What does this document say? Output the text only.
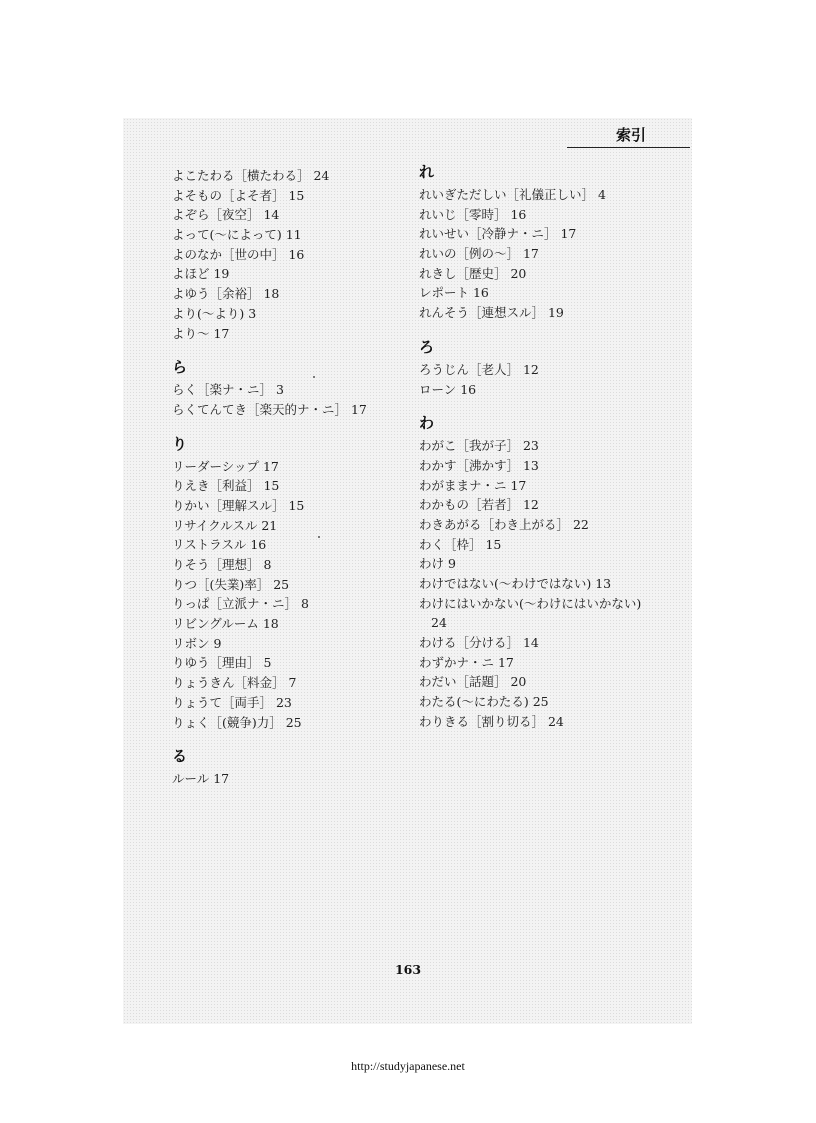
索引
よこたわる［横たわる］ 24
よそもの［よそ者］ 15
よぞら［夜空］ 14
よって(～によって) 11
よのなか［世の中］ 16
よほど 19
よゆう［余裕］ 18
より(～より) 3
より～ 17
ら
らく［楽ナ・ニ］ 3
らくてんてき［楽天的ナ・ニ］ 17
り
リーダーシップ 17
りえき［利益］ 15
りかい［理解スル］ 15
リサイクルスル 21
リストラスル 16
りそう［理想］ 8
りつ［(失業)率］ 25
りっぱ［立派ナ・ニ］ 8
リビングルーム 18
リボン 9
りゆう［理由］ 5
りょうきん［料金］ 7
りょうて［両手］ 23
りょく［(競争)力］ 25
る
ルール 17
れ
れいぎただしい［礼儀正しい］ 4
れいじ［零時］ 16
れいせい［冷静ナ・ニ］ 17
れいの［例の～］ 17
れきし［歴史］ 20
レポート 16
れんそう［連想スル］ 19
ろ
ろうじん［老人］ 12
ローン 16
わ
わがこ［我が子］ 23
わかす［沸かす］ 13
わがままナ・ニ 17
わかもの［若者］ 12
わきあがる［わき上がる］ 22
わく［枠］ 15
わけ 9
わけではない(～わけではない) 13
わけにはいかない(～わけにはいかない)
24
わける［分ける］ 14
わずかナ・ニ 17
わだい［話題］ 20
わたる(～にわたる) 25
わりきる［割り切る］ 24
163
http://studyjapanese.net
